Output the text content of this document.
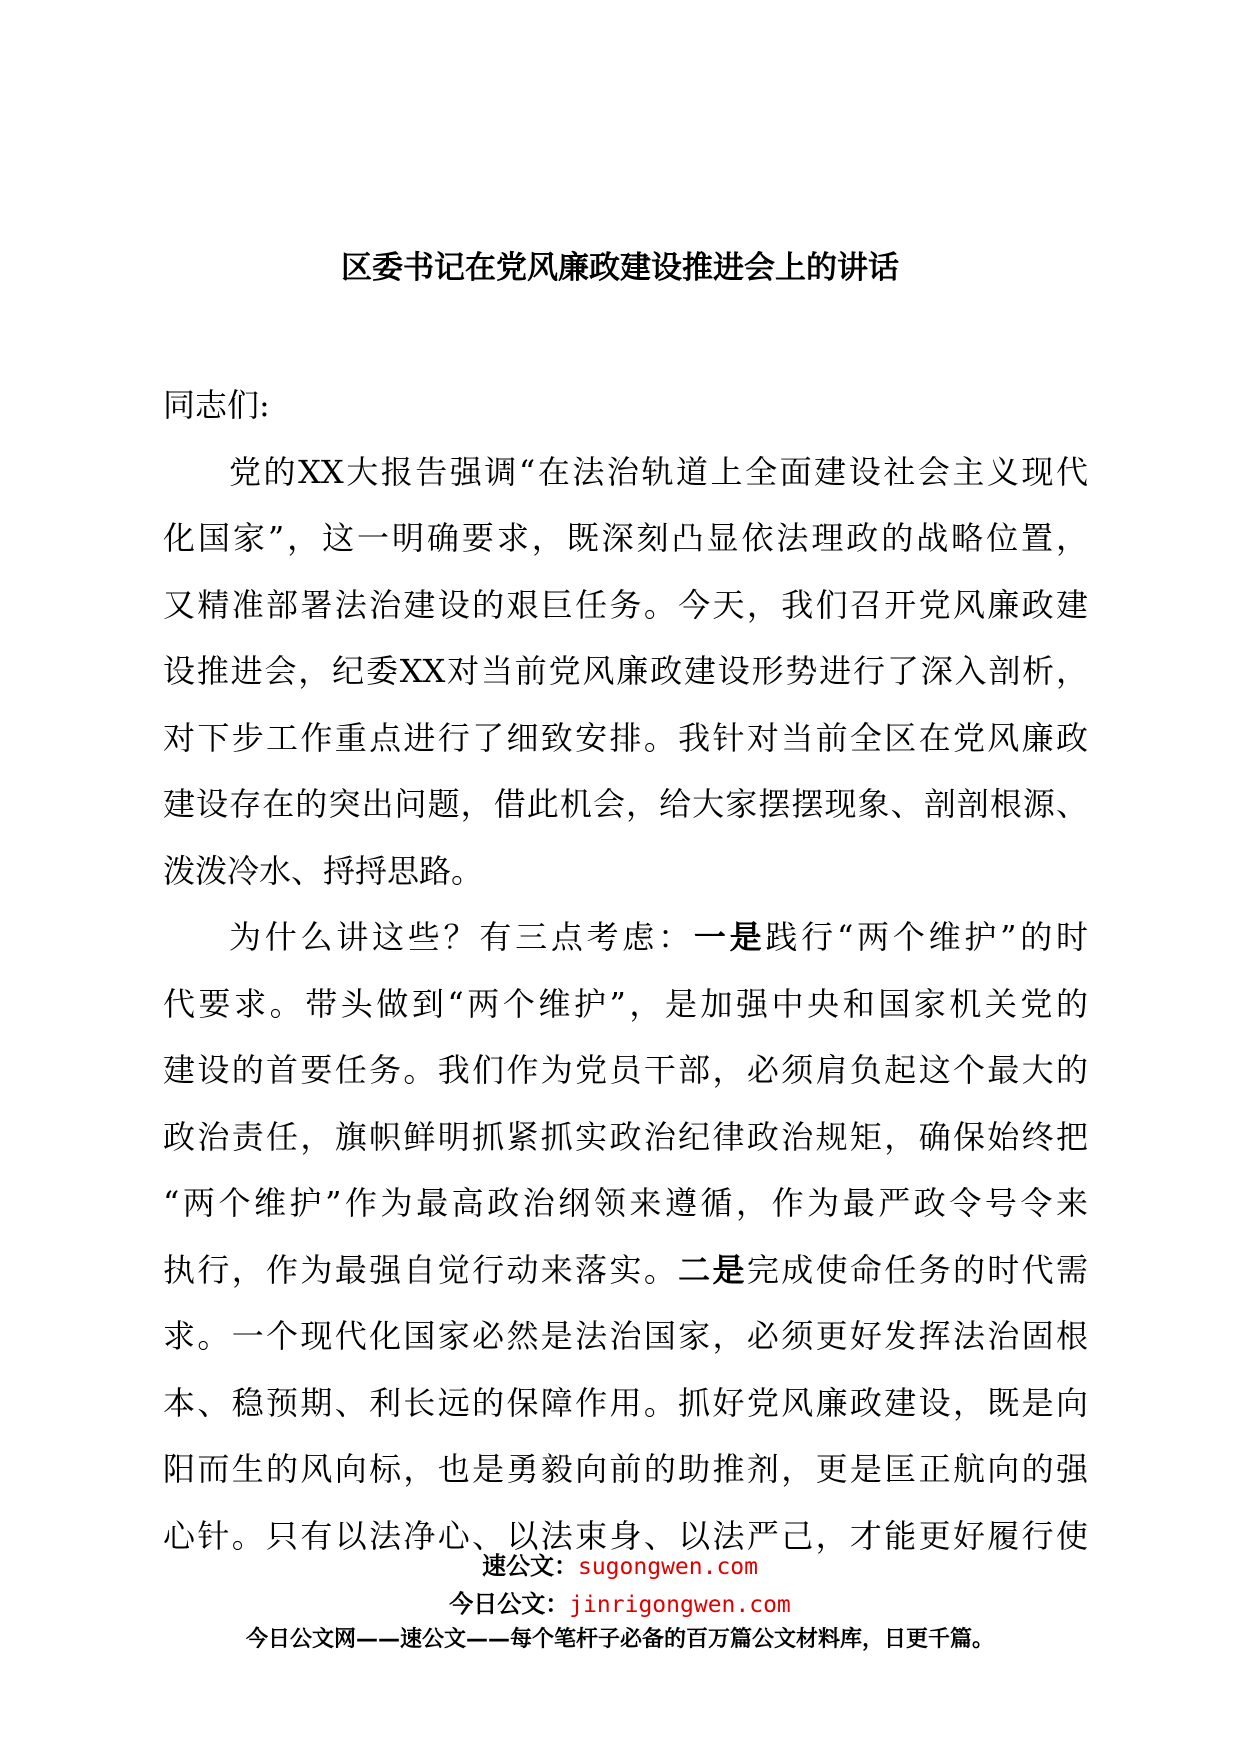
区委书记在党风廉政建设推进会上的讲话
同志们:
党的XX大报告强调“在法治轨道上全面建设社会主义现代
化国家”，这一明确要求，既深刻凸显依法理政的战略位置，
又精准部署法治建设的艰巨任务。今天，我们召开党风廉政建
设推进会，纪委XX对当前党风廉政建设形势进行了深入剖析，
对下步工作重点进行了细致安排。我针对当前全区在党风廉政
建设存在的突出问题，借此机会，给大家摆摆现象、剖剖根源、
泼泼冷水、捋捋思路。
为什么讲这些？有三点考虑：一是践行“两个维护”的时
代要求。带头做到“两个维护”，是加强中央和国家机关党的
建设的首要任务。我们作为党员干部，必须肩负起这个最大的
政治责任，旗帜鲜明抓紧抓实政治纪律政治规矩，确保始终把
“两个维护”作为最高政治纲领来遵循，作为最严政令号令来
执行，作为最强自觉行动来落实。二是完成使命任务的时代需
求。一个现代化国家必然是法治国家，必须更好发挥法治固根
本、稳预期、利长远的保障作用。抓好党风廉政建设，既是向
阳而生的风向标，也是勇毅向前的助推剂，更是匡正航向的强
心针。只有以法净心、以法束身、以法严己，才能更好履行使
速公文：sugongwen.com
今日公文：jinrigongwen.com
今日公文网——速公文——每个笔杆子必备的百万篇公文材料库，日更千篇。
